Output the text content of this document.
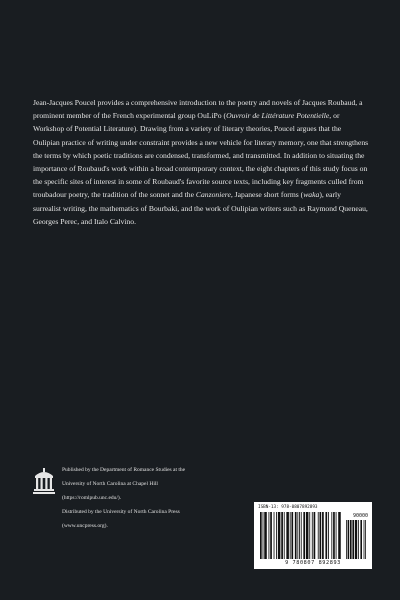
Jean-Jacques Poucel provides a comprehensive introduction to the poetry and novels of Jacques Roubaud, a prominent member of the French experimental group OuLiPo (Ouvroir de Littérature Potentielle, or Workshop of Potential Literature). Drawing from a variety of literary theories, Poucel argues that the Oulipian practice of writing under constraint provides a new vehicle for literary memory, one that strengthens the terms by which poetic traditions are condensed, transformed, and transmitted. In addition to situating the importance of Roubaud's work within a broad contemporary context, the eight chapters of this study focus on the specific sites of interest in some of Roubaud's favorite source texts, including key fragments culled from troubadour poetry, the tradition of the sonnet and the Canzoniere, Japanese short forms (waka), early surrealist writing, the mathematics of Bourbaki, and the work of Oulipian writers such as Raymond Queneau, Georges Perec, and Italo Calvino.

Published by the Department of Romance Studies at the

University of North Carolina at Chapel Hill

(https://romlpub.unc.edu/).

Distributed by the University of North Carolina Press

(www.uncpress.org).

ISBN-13: 978-0807892893
90000
9 780807 892893
